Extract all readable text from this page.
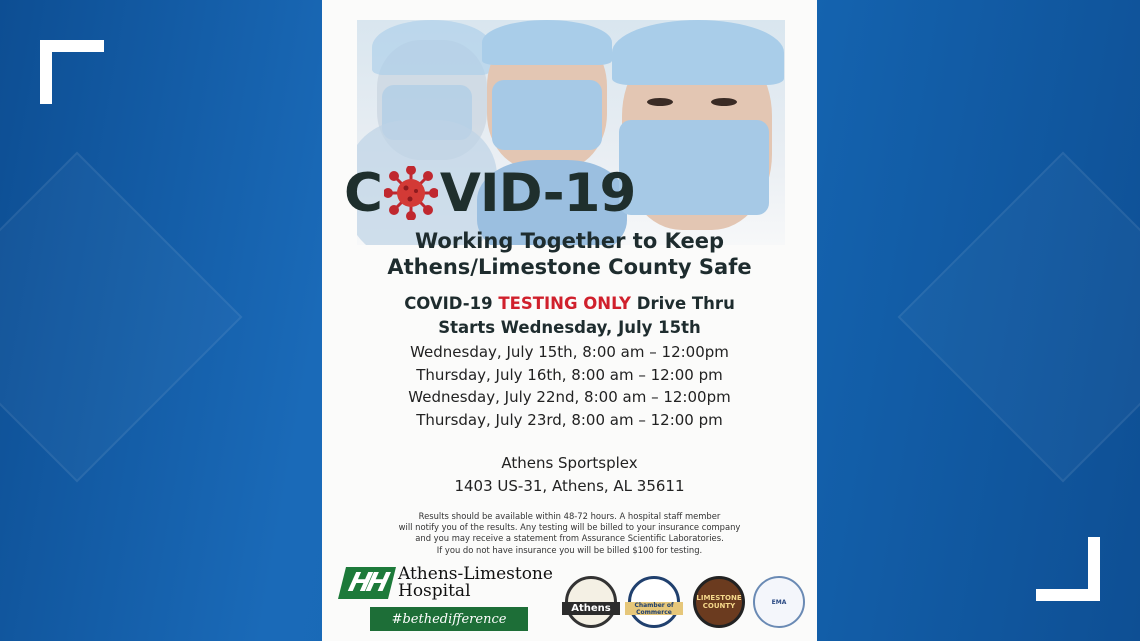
C VID-19
Working Together to Keep
Athens/Limestone County Safe
COVID-19 TESTING ONLY Drive Thru
Starts Wednesday, July 15th
Wednesday, July 15th, 8:00 am – 12:00pm
Thursday, July 16th, 8:00 am – 12:00 pm
Wednesday, July 22nd, 8:00 am – 12:00pm
Thursday, July 23rd, 8:00 am – 12:00 pm
Athens Sportsplex
1403 US-31, Athens, AL 35611
Results should be available within 48-72 hours. A hospital staff member
will notify you of the results. Any testing will be billed to your insurance company
and you may receive a statement from Assurance Scientific Laboratories.
If you do not have insurance you will be billed $100 for testing.
HH Athens-Limestone
Hospital
#bethedifference
Athens	Chamber of Commerce
LIMESTONE COUNTY	EMA
